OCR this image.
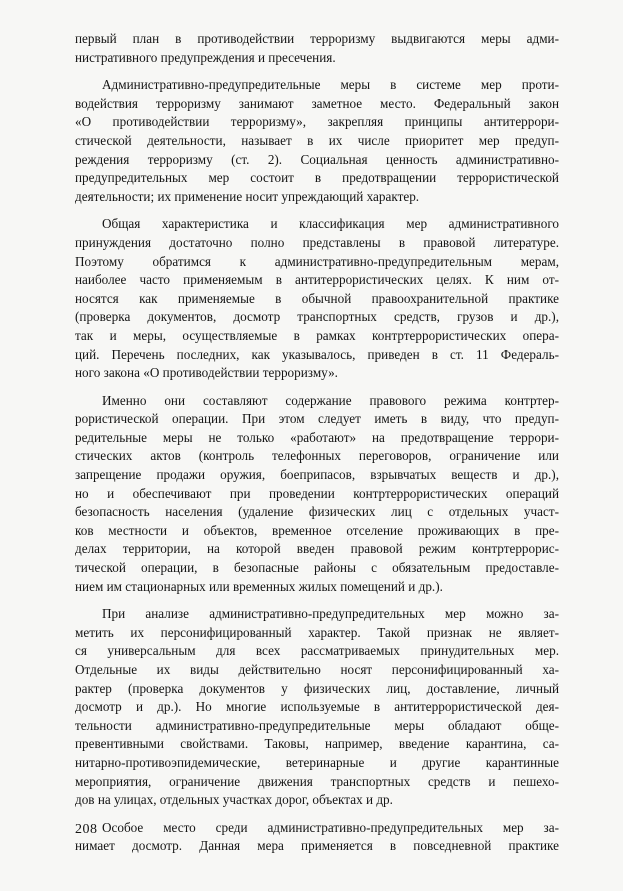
первый план в противодействии терроризму выдвигаются меры адми-
нистративного предупреждения и пресечения.
Административно-предупредительные меры в системе мер проти-
водействия терроризму занимают заметное место. Федеральный закон
«О противодействии терроризму», закрепляя принципы антитеррори-
стической деятельности, называет в их числе приоритет мер предуп-
реждения терроризму (ст. 2). Социальная ценность административно-
предупредительных мер состоит в предотвращении террористической
деятельности; их применение носит упреждающий характер.
Общая характеристика и классификация мер административного
принуждения достаточно полно представлены в правовой литературе.
Поэтому обратимся к административно-предупредительным мерам,
наиболее часто применяемым в антитеррористических целях. К ним от-
носятся как применяемые в обычной правоохранительной практике
(проверка документов, досмотр транспортных средств, грузов и др.),
так и меры, осуществляемые в рамках контртеррористических опера-
ций. Перечень последних, как указывалось, приведен в ст. 11 Федераль-
ного закона «О противодействии терроризму».
Именно они составляют содержание правового режима контртер-
рористической операции. При этом следует иметь в виду, что предуп-
редительные меры не только «работают» на предотвращение террори-
стических актов (контроль телефонных переговоров, ограничение или
запрещение продажи оружия, боеприпасов, взрывчатых веществ и др.),
но и обеспечивают при проведении контртеррористических операций
безопасность населения (удаление физических лиц с отдельных участ-
ков местности и объектов, временное отселение проживающих в пре-
делах территории, на которой введен правовой режим контртеррорис-
тической операции, в безопасные районы с обязательным предоставле-
нием им стационарных или временных жилых помещений и др.).
При анализе административно-предупредительных мер можно за-
метить их персонифицированный характер. Такой признак не являет-
ся универсальным для всех рассматриваемых принудительных мер.
Отдельные их виды действительно носят персонифицированный ха-
рактер (проверка документов у физических лиц, доставление, личный
досмотр и др.). Но многие используемые в антитеррористической дея-
тельности административно-предупредительные меры обладают обще-
превентивными свойствами. Таковы, например, введение карантина, са-
нитарно-противоэпидемические, ветеринарные и другие карантинные
мероприятия, ограничение движения транспортных средств и пешехо-
дов на улицах, отдельных участках дорог, объектах и др.
Особое место среди административно-предупредительных мер за-
нимает досмотр. Данная мера применяется в повседневной практике
208
